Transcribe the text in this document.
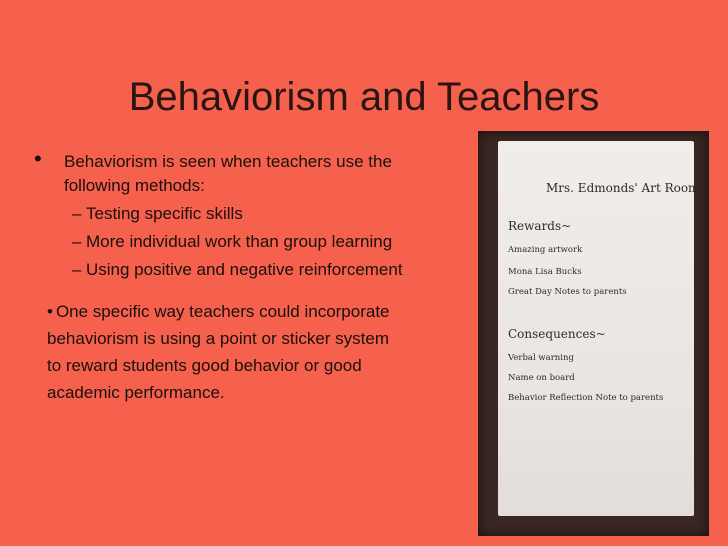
Behaviorism and Teachers
• Behaviorism is seen when teachers use the
following methods:
– Testing specific skills
– More individual work than group learning
– Using positive and negative reinforcement
• One specific way teachers could incorporate
behaviorism is using a point or sticker system
to reward students good behavior or good
academic performance.
Mrs. Edmonds' Art Room
Rewards~
Amazing artwork
Mona Lisa Bucks
Great Day Notes to parents
Consequences~
Verbal warning
Name on board
Behavior Reflection Note to parents
